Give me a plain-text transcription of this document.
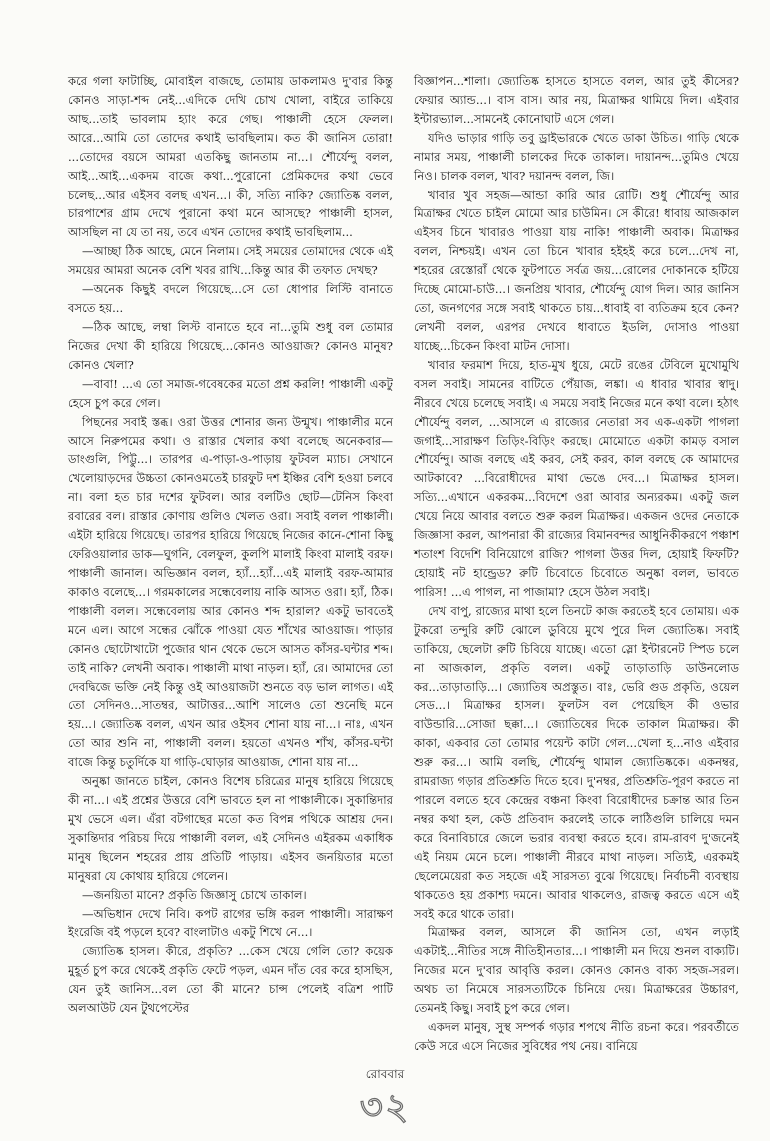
করে গলা ফাটাচ্ছি, মোবাইল বাজছে, তোমায় ডাকলামও দু'বার কিন্তু কোনও সাড়া-শব্দ নেই...এদিকে দেখি চোখ খোলা, বাইরে তাকিয়ে আছ...তাই ভাবলাম হ্যাং করে গেছ। পাঞ্চালী হেসে ফেলল। আরে...আমি তো তোদের কথাই ভাবছিলাম। কত কী জানিস তোরা! ...তোদের বয়সে আমরা এতকিছু জানতাম না...। শৌর্যেন্দু বলল, আই...আই...একদম বাজে কথা...পুরোনো প্রেমিকদের কথা ভেবে চলেছ...আর এইসব বলছ এখন...। কী, সত্যি নাকি? জ্যোতিষ্ক বলল, চারপাশের গ্রাম দেখে পুরানো কথা মনে আসছে? পাঞ্চালী হাসল, আসছিল না যে তা নয়, তবে এখন তোদের কথাই ভাবছিলাম...

—আচ্ছা ঠিক আছে, মেনে নিলাম। সেই সময়ের তোমাদের থেকে এই সময়ের আমরা অনেক বেশি খবর রাখি...কিন্তু আর কী তফাত দেখছ?

—অনেক কিছুই বদলে গিয়েছে...সে তো ধোপার লিস্টি বানাতে বসতে হয়...

—ঠিক আছে, লম্বা লিস্ট বানাতে হবে না...তুমি শুধু বল তোমার নিজের দেখা কী হারিয়ে গিয়েছে...কোনও আওয়াজ? কোনও মানুষ? কোনও খেলা?

—বাবা! ...এ তো সমাজ-গবেষকের মতো প্রশ্ন করলি! পাঞ্চালী একটু হেসে চুপ করে গেল।

পিছনের সবাই স্তব্ধ। ওরা উত্তর শোনার জন্য উন্মুখ। পাঞ্চালীর মনে আসে নিরুপমের কথা। ও রাস্তার খেলার কথা বলেছে অনেকবার—ডাংগুলি, পিট্টু...। তারপর এ-পাড়া-ও-পাড়ায় ফুটবল ম্যাচ। সেখানে খেলোয়াড়দের উচ্চতা কোনওমতেই চারফুট দশ ইঞ্চির বেশি হওয়া চলবে না। বলা হত চার দশের ফুটবল। আর বলটিও ছোট—টেনিস কিংবা রবারের বল। রাস্তার কোণায় গুলিও খেলত ওরা। সবাই বলল পাঞ্চালী। এইটা হারিয়ে গিয়েছে। তারপর হারিয়ে গিয়েছে নিজের কানে-শোনা কিছু ফেরিওয়ালার ডাক—ঘুগনি, বেলফুল, কুলপি মালাই কিংবা মালাই বরফ। পাঞ্চালী জানাল। অভিজ্ঞান বলল, হ্যাঁ...হ্যাঁ...এই মালাই বরফ-আমার কাকাও বলেছে...। গরমকালের সন্ধেবেলায় নাকি আসত ওরা। হ্যাঁ, ঠিক। পাঞ্চালী বলল। সন্ধেবেলায় আর কোনও শব্দ হারাল? একটু ভাবতেই মনে এল। আগে সন্ধের ঝোঁকে পাওয়া যেত শাঁখের আওয়াজ। পাড়ার কোনও ছোটোখাটো পুজোর থান থেকে ভেসে আসত কাঁসর-ঘন্টার শব্দ। তাই নাকি? লেখনী অবাক। পাঞ্চালী মাথা নাড়ল। হ্যাঁ, রে। আমাদের তো দেবদ্বিজে ভক্তি নেই কিন্তু ওই আওয়াজটা শুনতে বড় ভাল লাগত। এই তো সেদিনও...সাতম্বর, আটাত্তর...আশি সালেও তো শুনেছি মনে হয়...। জ্যোতিষ্ক বলল, এখন আর ওইসব শোনা যায় না...। নাঃ, এখন তো আর শুনি না, পাঞ্চালী বলল। হয়তো এখনও শাঁখ, কাঁসর-ঘন্টা বাজে কিন্তু চতুর্দিকে যা গাড়ি-ঘোড়ার আওয়াজ, শোনা যায় না...

অনুষ্কা জানতে চাইল, কোনও বিশেষ চরিত্রের মানুষ হারিয়ে গিয়েছে কী না...। এই প্রশ্নের উত্তরে বেশি ভাবতে হল না পাঞ্চালীকে। সুকান্তিদার মুখ ভেসে এল। এঁরা বটগাছের মতো কত বিপন্ন পথিকে আশ্রয় দেন। সুকান্তিদার পরিচয় দিয়ে পাঞ্চালী বলল, এই সেদিনও এইরকম একাধিক মানুষ ছিলেন শহরের প্রায় প্রতিটি পাড়ায়। এইসব জনয়িতার মতো মানুষরা যে কোথায় হারিয়ে গেলেন।

—জনয়িতা মানে? প্রকৃতি জিজ্ঞাসু চোখে তাকাল।

—অভিধান দেখে নিবি। কপট রাগের ভঙ্গি করল পাঞ্চালী। সারাক্ষণ ইংরেজি বই পড়লে হবে? বাংলাটাও একটু শিখে নে...।

জ্যোতিষ্ক হাসল। কীরে, প্রকৃতি? ...কেস খেয়ে গেলি তো? কয়েক মুহূর্ত চুপ করে থেকেই প্রকৃতি ফেটে পড়ল, এমন দাঁত বের করে হাসছিস, যেন তুই জানিস...বল তো কী মানে? চান্স পেলেই বত্রিশ পাটি অলআউট যেন টুথপেস্টের

বিজ্ঞাপন...শালা। জ্যোতিষ্ক হাসতে হাসতে বলল, আর তুই কীসের? ফেয়ার অ্যান্ড...। বাস বাস। আর নয়, মিত্রাক্ষর থামিয়ে দিল। এইবার ইন্টারভ্যাল...সামনেই কোনোঘাট এসে গেল।

যদিও ভাড়ার গাড়ি তবু ড্রাইভারকে খেতে ডাকা উচিত। গাড়ি থেকে নামার সময়, পাঞ্চালী চালকের দিকে তাকাল। দায়ানন্দ...তুমিও খেয়ে নিও। চালক বলল, খাব? দয়ানন্দ বলল, জি।

খাবার খুব সহজ—আন্ডা কারি আর রোটি। শুধু শৌর্যেন্দু আর মিত্রাক্ষর খেতে চাইল মোমো আর চাউমিন। সে কীরে! ধাবায় আজকাল এইসব চিনে খাবারও পাওয়া যায় নাকি! পাঞ্চালী অবাক। মিত্রাক্ষর বলল, নিশ্চয়ই। এখন তো চিনে খাবার হইহই করে চলে...দেখ না, শহরের রেস্তোরাঁ থেকে ফুটপাতে সর্বত্র জয়...রোলের দোকানকে হটিয়ে দিচ্ছে মোমো-চাউ...। জনপ্রিয় খাবার, শৌর্যেন্দু যোগ দিল। আর জানিস তো, জনগণের সঙ্গে সবাই থাকতে চায়...ধাবাই বা ব্যতিক্রম হবে কেন? লেখনী বলল, এরপর দেখবে ধাবাতে ইডলি, দোসাও পাওয়া যাচ্ছে...চিকেন কিংবা মাটন দোসা।

খাবার ফরমাশ দিয়ে, হাত-মুখ ধুয়ে, মেটে রঙের টেবিলে মুখোমুখি বসল সবাই। সামনের বাটিতে পেঁয়াজ, লঙ্কা। এ ধাবার খাবার স্বাদু। নীরবে খেয়ে চলেছে সবাই। এ সময়ে সবাই নিজের মনে কথা বলে। হঠাৎ শৌর্যেন্দু বলল, ...আসলে এ রাজ্যের নেতারা সব এক-একটা পাগলা জগাই...সারাক্ষণ তিড়িং-বিড়িং করছে। মোমোতে একটা কামড় বসাল শৌর্যেন্দু। আজ বলছে এই করব, সেই করব, কাল বলছে কে আমাদের আটকাবে? ...বিরোধীদের মাথা ভেঙে দেব...। মিত্রাক্ষর হাসল। সত্যি...এখানে একরকম...বিদেশে ওরা আবার অন্যরকম। একটু জল খেয়ে নিয়ে আবার বলতে শুরু করল মিত্রাক্ষর। একজন ওদের নেতাকে জিজ্ঞাসা করল, আপনারা কী রাজ্যের বিমানবন্দর আধুনিকীকরণে পঞ্চাশ শতাংশ বিদেশি বিনিয়োগে রাজি? পাগলা উত্তর দিল, হোয়াই ফিফটি? হোয়াই নট হান্ড্রেড? রুটি চিবোতে চিবোতে অনুষ্কা বলল, ভাবতে পারিস! ...এ পাগল, না পাজামা? হেসে উঠল সবাই।

দেখ বাপু, রাজ্যের মাথা হলে তিনটে কাজ করতেই হবে তোমায়। এক টুকরো তন্দুরি রুটি ঝোলে ডুবিয়ে মুখে পুরে দিল জ্যোতিষ্ক। সবাই তাকিয়ে, ছেলেটা রুটি চিবিয়ে যাচ্ছে। এতো স্লো ইন্টারনেট স্পিড চলে না আজকাল, প্রকৃতি বলল। একটু তাড়াতাড়ি ডাউনলোড কর...তাড়াতাড়ি...। জ্যোতিষ অপ্রস্তুত। বাঃ, ভেরি গুড প্রকৃতি, ওয়েল সেড...। মিত্রাক্ষর হাসল। ফুলটস বল পেয়েছিস কী ওভার বাউন্ডারি...সোজা ছক্কা...। জ্যোতিষের দিকে তাকাল মিত্রাক্ষর। কী কাকা, একবার তো তোমার পয়েন্ট কাটা গেল...খেলা হ...নাও এইবার শুরু কর...। আমি বলছি, শৌর্যেন্দু থামাল জ্যোতিষ্ককে। একনম্বর, রামরাজ্য গড়ার প্রতিশ্রুতি দিতে হবে। দু'নম্বর, প্রতিশ্রুতি-পূরণ করতে না পারলে বলতে হবে কেন্দ্রের বঞ্চনা কিংবা বিরোধীদের চক্রান্ত আর তিন নম্বর কথা হল, কেউ প্রতিবাদ করলেই তাকে লাঠিগুলি চালিয়ে দমন করে বিনাবিচারে জেলে ভরার ব্যবস্থা করতে হবে। রাম-রাবণ দু'জনেই এই নিয়ম মেনে চলে। পাঞ্চালী নীরবে মাথা নাড়ল। সত্যিই, এরকমই ছেলেমেয়েরা কত সহজে এই সারসত্য বুঝে গিয়েছে। নির্বাচনী ব্যবস্থায় থাকতেও হয় প্রকাশ্য দমনে। আবার থাকলেও, রাজত্ব করতে এসে এই সবই করে থাকে তারা।

মিত্রাক্ষর বলল, আসলে কী জানিস তো, এখন লড়াই একটাই...নীতির সঙ্গে নীতিহীনতার...। পাঞ্চালী মন দিয়ে শুনল বাক্যটি। নিজের মনে দু'বার আবৃত্তি করল। কোনও কোনও বাক্য সহজ-সরল। অথচ তা নিমেষে সারসত্যটিকে চিনিয়ে দেয়। মিত্রাক্ষরের উচ্চারণ, তেমনই কিছু। সবাই চুপ করে গেল।

একদল মানুষ, সুস্থ সম্পর্ক গড়ার শপথে নীতি রচনা করে। পরবর্তীতে কেউ সরে এসে নিজের সুবিধের পথ নেয়। বানিয়ে

রোববার
৩২
